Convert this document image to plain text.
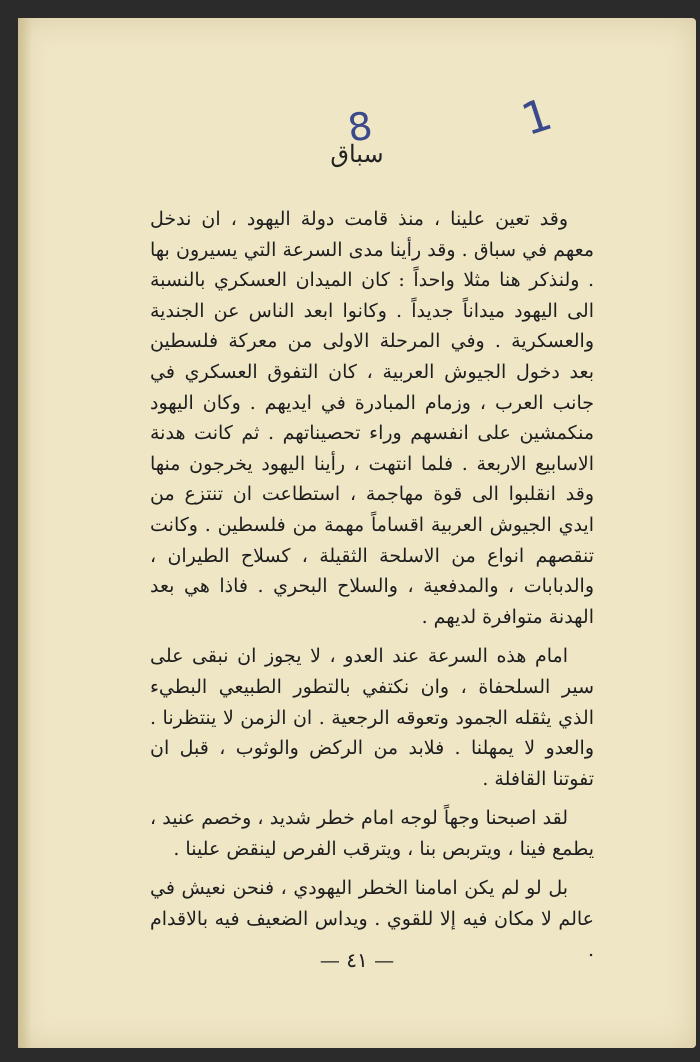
8	1
سباق

وقد تعين علينا ، منذ قامت دولة اليهود ، ان ندخل معهم في سباق . وقد رأينا مدى السرعة التي يسيرون بها . ولنذكر هنا مثلا واحداً : كان الميدان العسكري بالنسبة الى اليهود ميداناً جديداً . وكانوا ابعد الناس عن الجندية والعسكرية . وفي المرحلة الاولى من معركة فلسطين بعد دخول الجيوش العربية ، كان التفوق العسكري في جانب العرب ، وزمام المبادرة في ايديهم . وكان اليهود منكمشين على انفسهم وراء تحصيناتهم . ثم كانت هدنة الاسابيع الاربعة . فلما انتهت ، رأينا اليهود يخرجون منها وقد انقلبوا الى قوة مهاجمة ، استطاعت ان تنتزع من ايدي الجيوش العربية اقساماً مهمة من فلسطين . وكانت تنقصهم انواع من الاسلحة الثقيلة ، كسلاح الطيران ، والدبابات ، والمدفعية ، والسلاح البحري . فاذا هي بعد الهدنة متوافرة لديهم .

امام هذه السرعة عند العدو ، لا يجوز ان نبقى على سير السلحفاة ، وان نكتفي بالتطور الطبيعي البطيء الذي يثقله الجمود وتعوقه الرجعية . ان الزمن لا ينتظرنا . والعدو لا يمهلنا . فلابد من الركض والوثوب ، قبل ان تفوتنا القافلة .

لقد اصبحنا وجهاً لوجه امام خطر شديد ، وخصم عنيد ، يطمع فينا ، ويتربص بنا ، ويترقب الفرص لينقض علينا .

بل لو لم يكن امامنا الخطر اليهودي ، فنحن نعيش في عالم لا مكان فيه إلا للقوي . ويداس الضعيف فيه بالاقدام .

— ٤١ —
